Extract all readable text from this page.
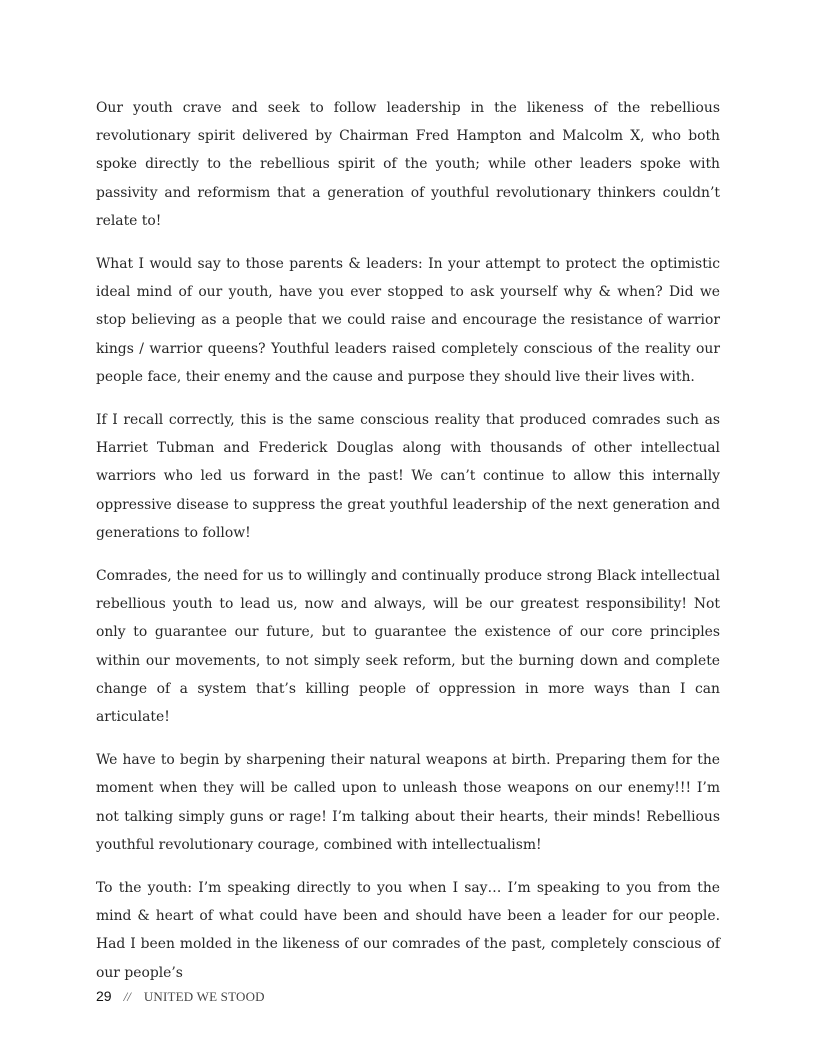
Our youth crave and seek to follow leadership in the likeness of the rebellious revolutionary spirit delivered by Chairman Fred Hampton and Malcolm X, who both spoke directly to the rebellious spirit of the youth; while other leaders spoke with passivity and reformism that a generation of youthful revolutionary thinkers couldn’t relate to!

What I would say to those parents & leaders: In your attempt to protect the optimistic ideal mind of our youth, have you ever stopped to ask yourself why & when? Did we stop believing as a people that we could raise and encourage the resistance of warrior kings / warrior queens? Youthful leaders raised completely conscious of the reality our people face, their enemy and the cause and purpose they should live their lives with.

If I recall correctly, this is the same conscious reality that produced comrades such as Harriet Tubman and Frederick Douglas along with thousands of other intellectual warriors who led us forward in the past! We can’t continue to allow this internally oppressive disease to suppress the great youthful leadership of the next generation and generations to follow!

Comrades, the need for us to willingly and continually produce strong Black intellectual rebellious youth to lead us, now and always, will be our greatest responsibility! Not only to guarantee our future, but to guarantee the existence of our core principles within our movements, to not simply seek reform, but the burning down and complete change of a system that’s killing people of oppression in more ways than I can articulate!

We have to begin by sharpening their natural weapons at birth. Preparing them for the moment when they will be called upon to unleash those weapons on our enemy!!! I’m not talking simply guns or rage! I’m talking about their hearts, their minds! Rebellious youthful revolutionary courage, combined with intellectualism!

To the youth: I’m speaking directly to you when I say… I’m speaking to you from the mind & heart of what could have been and should have been a leader for our people. Had I been molded in the likeness of our comrades of the past, completely conscious of our people’s

29 // UNITED WE STOOD
